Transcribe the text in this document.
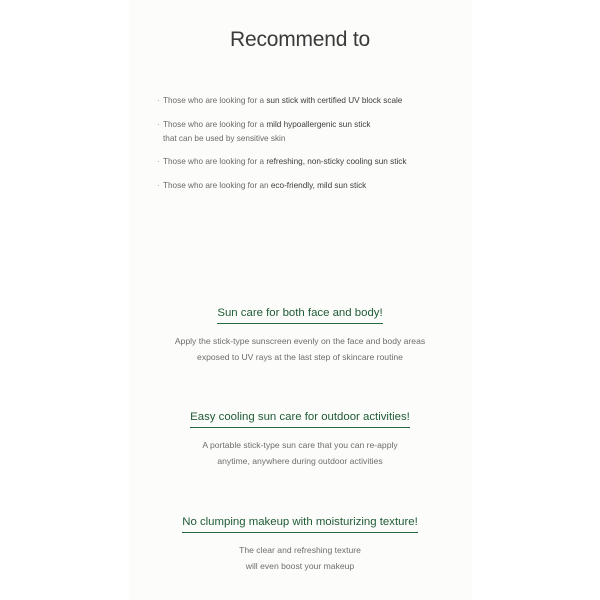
Recommend to
· Those who are looking for a sun stick with certified UV block scale
· Those who are looking for a mild hypoallergenic sun stick
that can be used by sensitive skin
· Those who are looking for a refreshing, non-sticky cooling sun stick
· Those who are looking for an eco-friendly, mild sun stick
Sun care for both face and body!
Apply the stick-type sunscreen evenly on the face and body areas
exposed to UV rays at the last step of skincare routine
Easy cooling sun care for outdoor activities!
A portable stick-type sun care that you can re-apply
anytime, anywhere during outdoor activities
No clumping makeup with moisturizing texture!
The clear and refreshing texture
will even boost your makeup
